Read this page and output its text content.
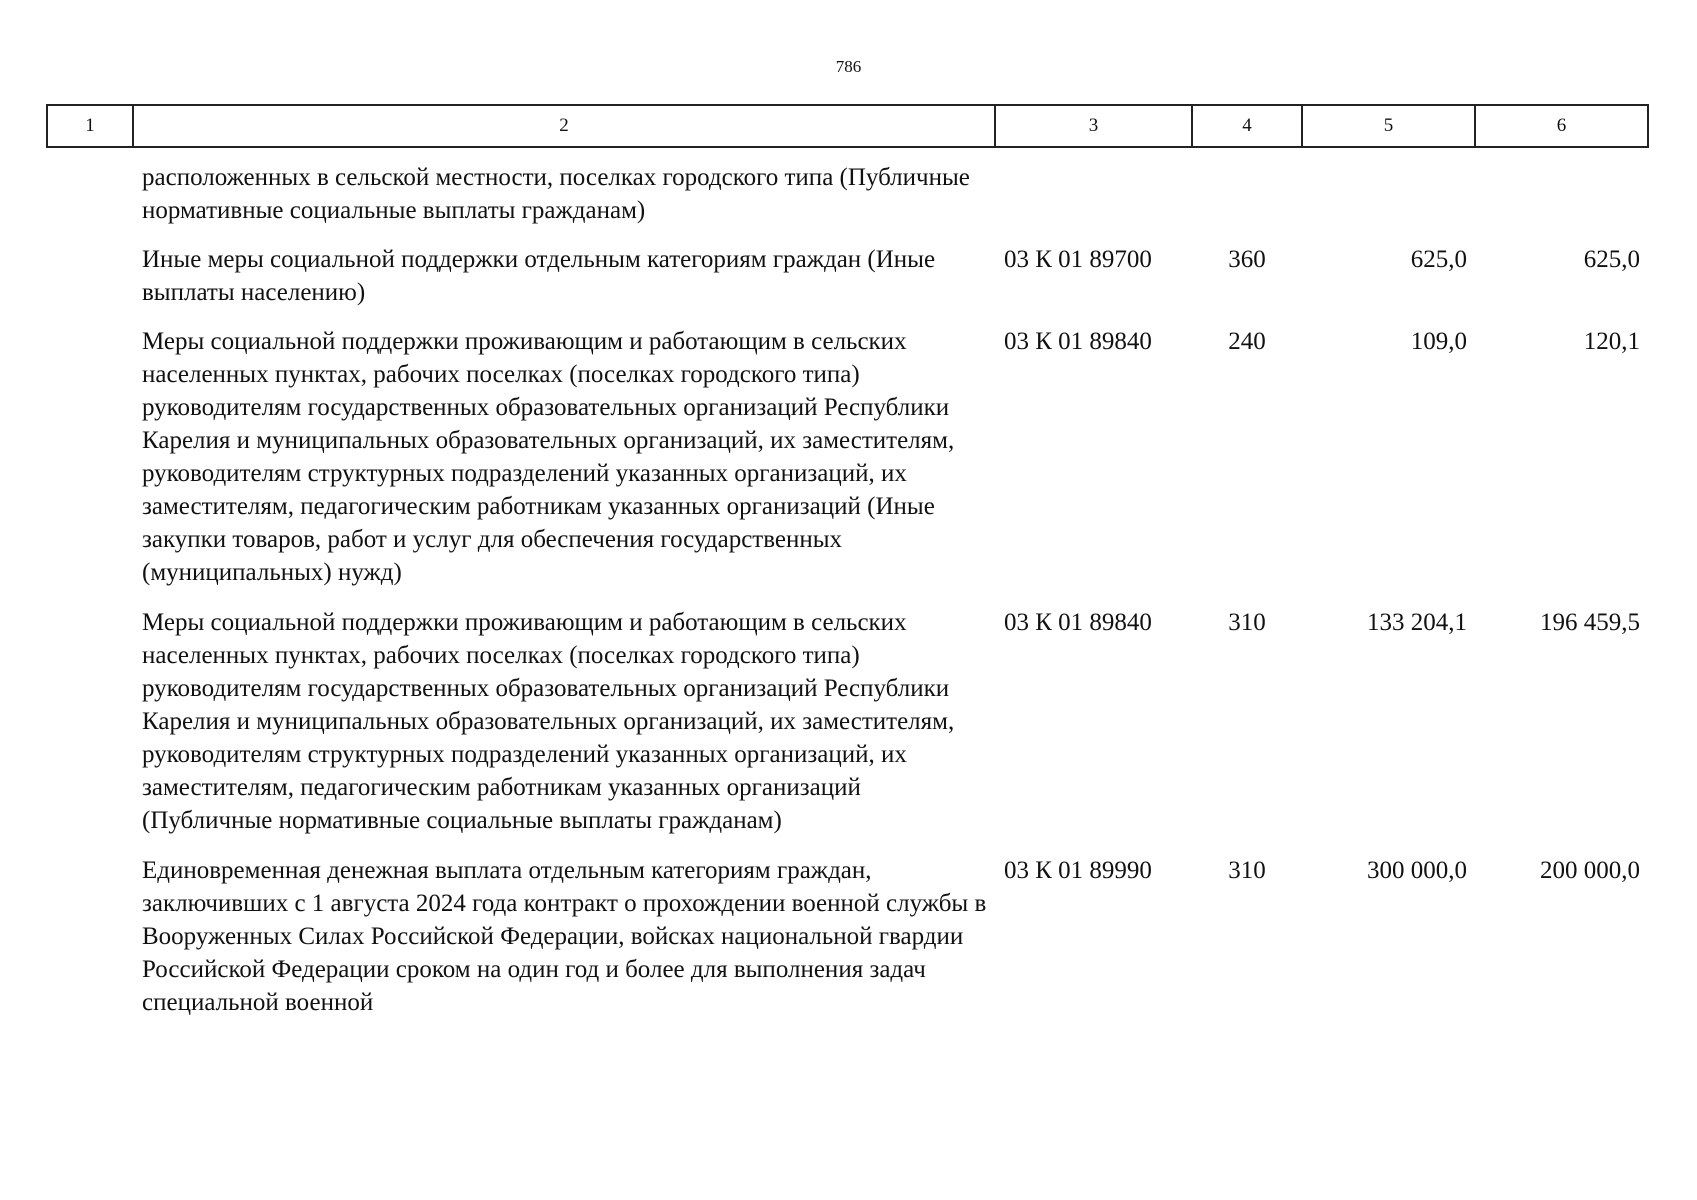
786
1	2	3	4	5	6
	расположенных в сельской местности, поселках городского типа (Публичные нормативные социальные выплаты гражданам)				
	Иные меры социальной поддержки отдельным категориям граждан (Иные выплаты населению)	03 К 01 89700	360	625,0	625,0
	Меры социальной поддержки проживающим и работающим в сельских населенных пунктах, рабочих поселках (поселках городского типа) руководителям государственных образовательных организаций Республики Карелия и муниципальных образовательных организаций, их заместителям, руководителям структурных подразделений указанных организаций, их заместителям, педагогическим работникам указанных организаций (Иные закупки товаров, работ и услуг для обеспечения государственных (муниципальных) нужд)	03 К 01 89840	240	109,0	120,1
	Меры социальной поддержки проживающим и работающим в сельских населенных пунктах, рабочих поселках (поселках городского типа) руководителям государственных образовательных организаций Республики Карелия и муниципальных образовательных организаций, их заместителям, руководителям структурных подразделений указанных организаций, их заместителям, педагогическим работникам указанных организаций (Публичные нормативные социальные выплаты гражданам)	03 К 01 89840	310	133 204,1	196 459,5
	Единовременная денежная выплата отдельным категориям граждан, заключивших с 1 августа 2024 года контракт о прохождении военной службы в Вооруженных Силах Российской Федерации, войсках национальной гвардии Российской Федерации сроком на один год и более для выполнения задач специальной военной	03 К 01 89990	310	300 000,0	200 000,0
